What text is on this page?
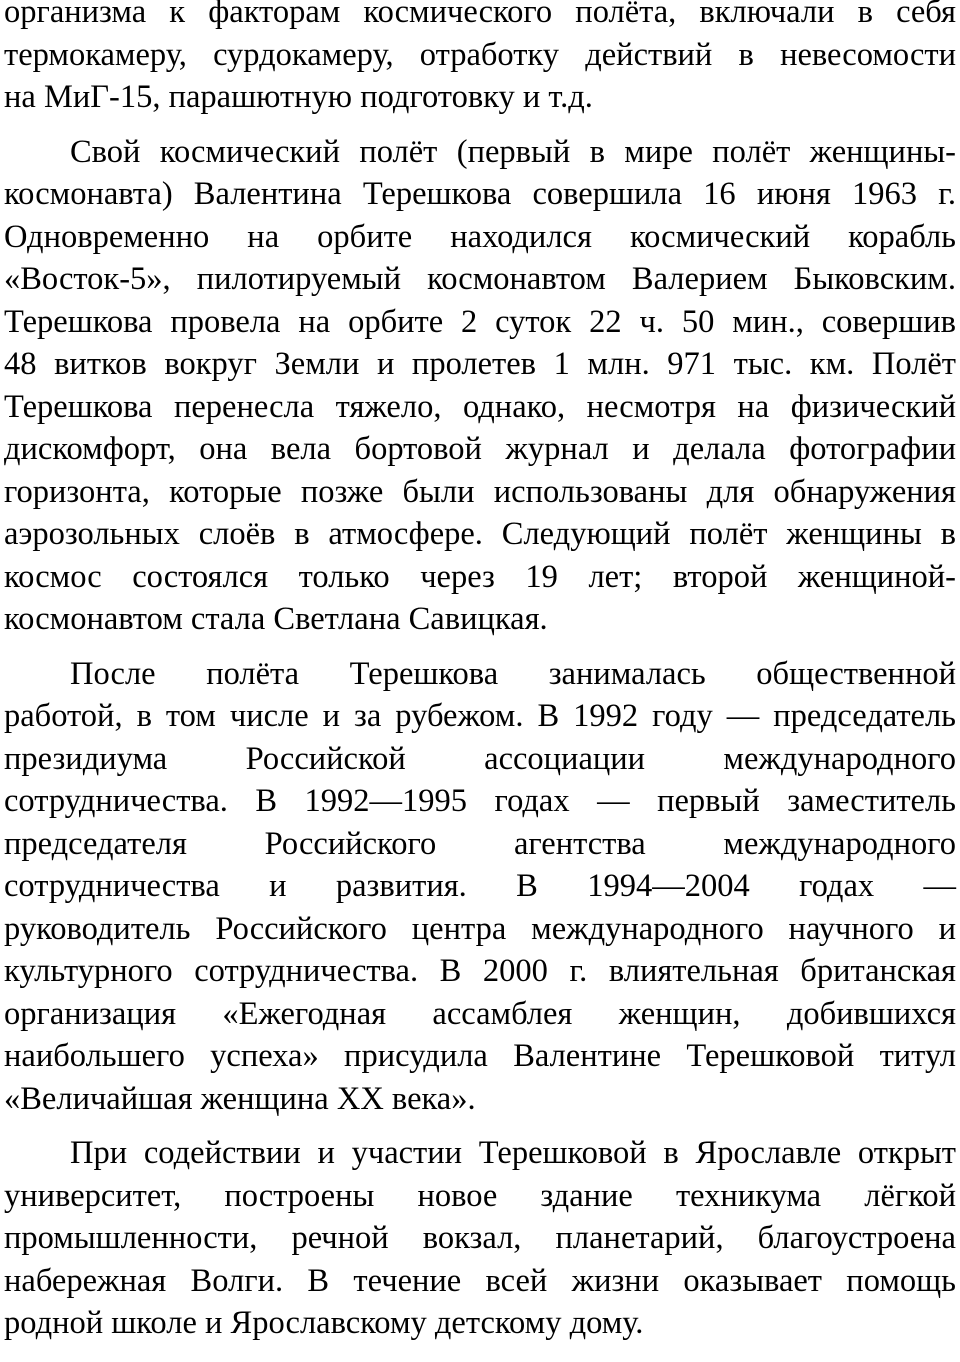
организма к факторам космического полёта, включали в себя
термокамеру, сурдокамеру, отработку действий в невесомости
на МиГ-15, парашютную подготовку и т.д.
Свой космический полёт (первый в мире полёт женщины-
космонавта) Валентина Терешкова совершила 16 июня 1963 г.
Одновременно на орбите находился космический корабль
«Восток-5», пилотируемый космонавтом Валерием Быковским.
Терешкова провела на орбите 2 суток 22 ч. 50 мин., совершив
48 витков вокруг Земли и пролетев 1 млн. 971 тыс. км. Полёт
Терешкова перенесла тяжело, однако, несмотря на физический
дискомфорт, она вела бортовой журнал и делала фотографии
горизонта, которые позже были использованы для обнаружения
аэрозольных слоёв в атмосфере. Следующий полёт женщины в
космос состоялся только через 19 лет; второй женщиной-
космонавтом стала Светлана Савицкая.
После полёта Терешкова занималась общественной
работой, в том числе и за рубежом. В 1992 году — председатель
президиума Российской ассоциации международного
сотрудничества. В 1992—1995 годах — первый заместитель
председателя Российского агентства международного
сотрудничества и развития. В 1994—2004 годах —
руководитель Российского центра международного научного и
культурного сотрудничества. В 2000 г. влиятельная британская
организация «Ежегодная ассамблея женщин, добившихся
наибольшего успеха» присудила Валентине Терешковой титул
«Величайшая женщина XX века».
При содействии и участии Терешковой в Ярославле открыт
университет, построены новое здание техникума лёгкой
промышленности, речной вокзал, планетарий, благоустроена
набережная Волги. В течение всей жизни оказывает помощь
родной школе и Ярославскому детскому дому.
